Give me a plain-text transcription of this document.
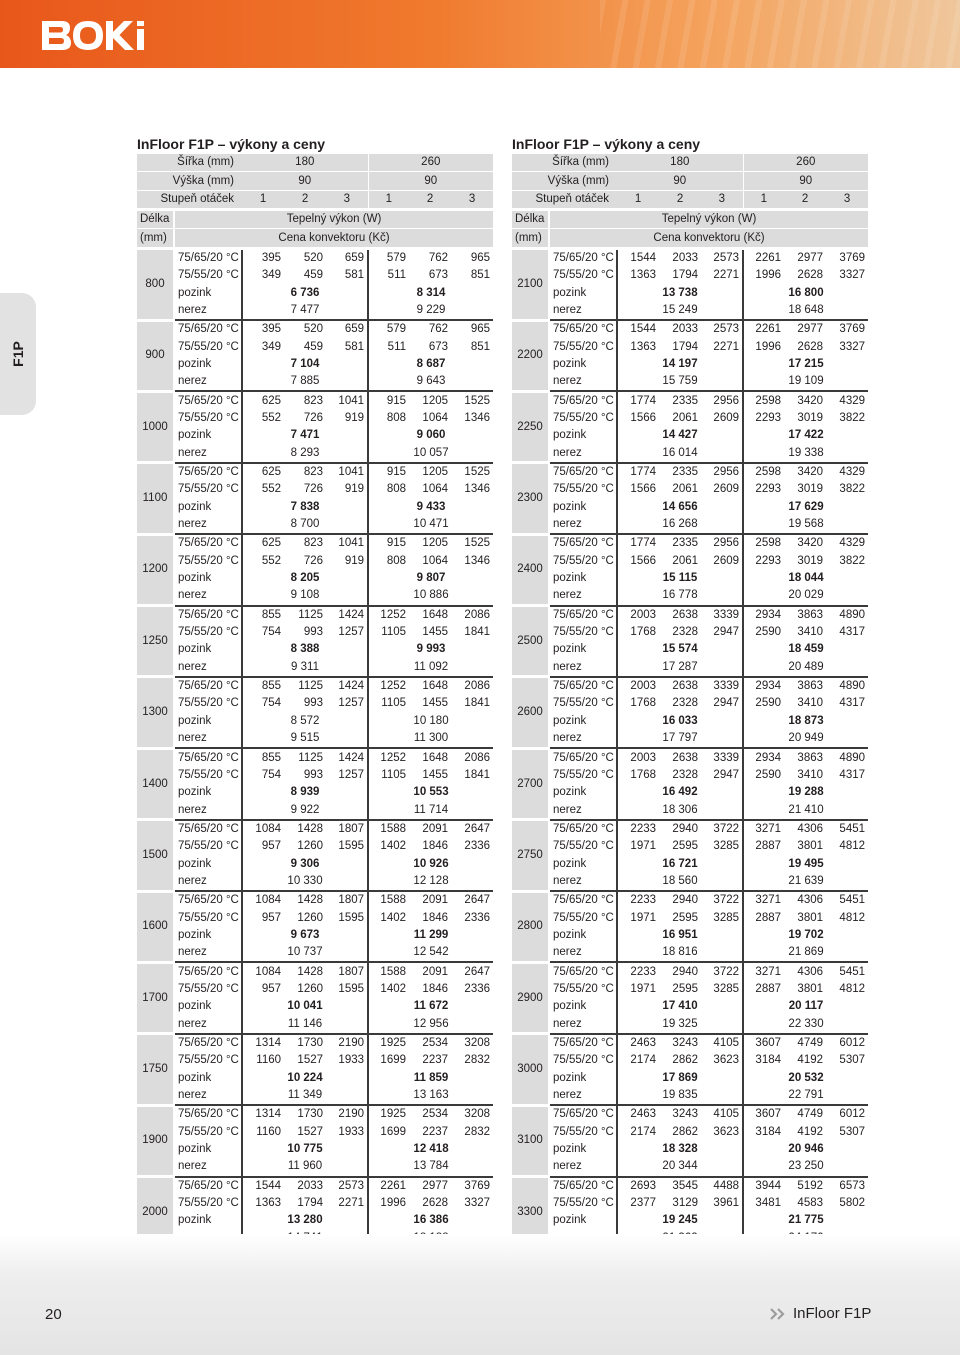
F1P
InFloor F1P – výkony a ceny
Šířka (mm)		180			260		
Výška (mm)		90			90		
Stupeň otáček		1	2	3	1	2	3
Délka	Tepelný výkon (W)						
(mm)	Cena konvektoru (Kč)						
800	75/65/20 °C	395	520	659	579	762	965
	75/55/20 °C	349	459	581	511	673	851
	pozink	6 736			8 314		
	nerez	7 477			9 229		
900	75/65/20 °C	395	520	659	579	762	965
	75/55/20 °C	349	459	581	511	673	851
	pozink	7 104			8 687		
	nerez	7 885			9 643		
1000	75/65/20 °C	625	823	1041	915	1205	1525
	75/55/20 °C	552	726	919	808	1064	1346
	pozink	7 471			9 060		
	nerez	8 293			10 057		
1100	75/65/20 °C	625	823	1041	915	1205	1525
	75/55/20 °C	552	726	919	808	1064	1346
	pozink	7 838			9 433		
	nerez	8 700			10 471		
1200	75/65/20 °C	625	823	1041	915	1205	1525
	75/55/20 °C	552	726	919	808	1064	1346
	pozink	8 205			9 807		
	nerez	9 108			10 886		
1250	75/65/20 °C	855	1125	1424	1252	1648	2086
	75/55/20 °C	754	993	1257	1105	1455	1841
	pozink	8 388			9 993		
	nerez	9 311			11 092		
1300	75/65/20 °C	855	1125	1424	1252	1648	2086
	75/55/20 °C	754	993	1257	1105	1455	1841
	pozink	8 572			10 180		
	nerez	9 515			11 300		
1400	75/65/20 °C	855	1125	1424	1252	1648	2086
	75/55/20 °C	754	993	1257	1105	1455	1841
	pozink	8 939			10 553		
	nerez	9 922			11 714		
1500	75/65/20 °C	1084	1428	1807	1588	2091	2647
	75/55/20 °C	957	1260	1595	1402	1846	2336
	pozink	9 306			10 926		
	nerez	10 330			12 128		
1600	75/65/20 °C	1084	1428	1807	1588	2091	2647
	75/55/20 °C	957	1260	1595	1402	1846	2336
	pozink	9 673			11 299		
	nerez	10 737			12 542		
1700	75/65/20 °C	1084	1428	1807	1588	2091	2647
	75/55/20 °C	957	1260	1595	1402	1846	2336
	pozink	10 041			11 672		
	nerez	11 146			12 956		
1750	75/65/20 °C	1314	1730	2190	1925	2534	3208
	75/55/20 °C	1160	1527	1933	1699	2237	2832
	pozink	10 224			11 859		
	nerez	11 349			13 163		
1900	75/65/20 °C	1314	1730	2190	1925	2534	3208
	75/55/20 °C	1160	1527	1933	1699	2237	2832
	pozink	10 775			12 418		
	nerez	11 960			13 784		
2000	75/65/20 °C	1544	2033	2573	2261	2977	3769
	75/55/20 °C	1363	1794	2271	1996	2628	3327
	pozink	13 280			16 386		

InFloor F1P – výkony a ceny
Šířka (mm)		180			260		
Výška (mm)		90			90		
Stupeň otáček		1	2	3	1	2	3
Délka	Tepelný výkon (W)						
(mm)	Cena konvektoru (Kč)						
2100	75/65/20 °C	1544	2033	2573	2261	2977	3769
	75/55/20 °C	1363	1794	2271	1996	2628	3327
	pozink	13 738			16 800		
	nerez	15 249			18 648		
2200	75/65/20 °C	1544	2033	2573	2261	2977	3769
	75/55/20 °C	1363	1794	2271	1996	2628	3327
	pozink	14 197			17 215		
	nerez	15 759			19 109		
2250	75/65/20 °C	1774	2335	2956	2598	3420	4329
	75/55/20 °C	1566	2061	2609	2293	3019	3822
	pozink	14 427			17 422		
	nerez	16 014			19 338		
2300	75/65/20 °C	1774	2335	2956	2598	3420	4329
	75/55/20 °C	1566	2061	2609	2293	3019	3822
	pozink	14 656			17 629		
	nerez	16 268			19 568		
2400	75/65/20 °C	1774	2335	2956	2598	3420	4329
	75/55/20 °C	1566	2061	2609	2293	3019	3822
	pozink	15 115			18 044		
	nerez	16 778			20 029		
2500	75/65/20 °C	2003	2638	3339	2934	3863	4890
	75/55/20 °C	1768	2328	2947	2590	3410	4317
	pozink	15 574			18 459		
	nerez	17 287			20 489		
2600	75/65/20 °C	2003	2638	3339	2934	3863	4890
	75/55/20 °C	1768	2328	2947	2590	3410	4317
	pozink	16 033			18 873		
	nerez	17 797			20 949		
2700	75/65/20 °C	2003	2638	3339	2934	3863	4890
	75/55/20 °C	1768	2328	2947	2590	3410	4317
	pozink	16 492			19 288		
	nerez	18 306			21 410		
2750	75/65/20 °C	2233	2940	3722	3271	4306	5451
	75/55/20 °C	1971	2595	3285	2887	3801	4812
	pozink	16 721			19 495		
	nerez	18 560			21 639		
2800	75/65/20 °C	2233	2940	3722	3271	4306	5451
	75/55/20 °C	1971	2595	3285	2887	3801	4812
	pozink	16 951			19 702		
	nerez	18 816			21 869		
2900	75/65/20 °C	2233	2940	3722	3271	4306	5451
	75/55/20 °C	1971	2595	3285	2887	3801	4812
	pozink	17 410			20 117		
	nerez	19 325			22 330		
3000	75/65/20 °C	2463	3243	4105	3607	4749	6012
	75/55/20 °C	2174	2862	3623	3184	4192	5307
	pozink	17 869			20 532		
	nerez	19 835			22 791		
3100	75/65/20 °C	2463	3243	4105	3607	4749	6012
	75/55/20 °C	2174	2862	3623	3184	4192	5307
	pozink	18 328			20 946		
	nerez	20 344			23 250		
3300	75/65/20 °C	2693	3545	4488	3944	5192	6573
	75/55/20 °C	2377	3129	3961	3481	4583	5802
	pozink	19 245			21 775		

20	InFloor F1P
